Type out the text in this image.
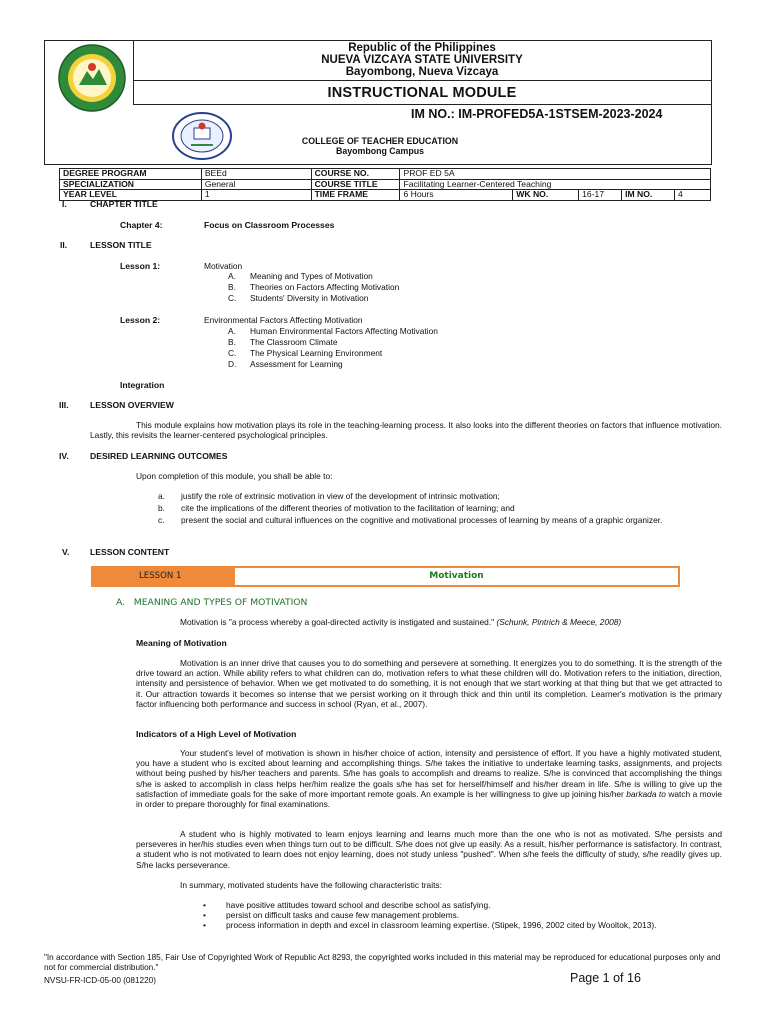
Republic of the Philippines
NUEVA VIZCAYA STATE UNIVERSITY
Bayombong, Nueva Vizcaya
INSTRUCTIONAL MODULE
IM NO.: IM-PROFED5A-1STSEM-2023-2024
COLLEGE OF TEACHER EDUCATION
Bayombong Campus
DEGREE PROGRAM	BEEd	COURSE NO.	PROF ED 5A				
SPECIALIZATION	General	COURSE TITLE	Facilitating Learner-Centered Teaching				
YEAR LEVEL	1	TIME FRAME	6 Hours	WK NO.	16-17	IM NO.	4
I.	CHAPTER TITLE
Chapter 4:	Focus on Classroom Processes
II.	LESSON TITLE
Lesson 1:	Motivation
A. Meaning and Types of Motivation
B. Theories on Factors Affecting Motivation
C. Students' Diversity in Motivation
Lesson 2:	Environmental Factors Affecting Motivation
A. Human Environmental Factors Affecting Motivation
B. The Classroom Climate
C. The Physical Learning Environment
D. Assessment for Learning
Integration
III. LESSON OVERVIEW
This module explains how motivation plays its role in the teaching-learning process. It also looks into the different theories on factors that influence motivation. Lastly, this revisits the learner-centered psychological principles.
IV. DESIRED LEARNING OUTCOMES
Upon completion of this module, you shall be able to:
a. justify the role of extrinsic motivation in view of the development of intrinsic motivation;
b. cite the implications of the different theories of motivation to the facilitation of learning; and
c. present the social and cultural influences on the cognitive and motivational processes of learning by means of a graphic organizer.
V. LESSON CONTENT
LESSON 1	Motivation
A.   MEANING AND TYPES OF MOTIVATION
Motivation is "a process whereby a goal-directed activity is instigated and sustained." (Schunk, Pintrich & Meece, 2008)
Meaning of Motivation
Motivation is an inner drive that causes you to do something and persevere at something. It energizes you to do something. It is the strength of the drive toward an action. While ability refers to what children can do, motivation refers to what these children will do. Motivation refers to the initiation, direction, intensity and persistence of behavior. When we get motivated to do something, it is not enough that we start working at that thing but that we get attracted to it. Our attraction towards it becomes so intense that we persist working on it through thick and thin until its completion. Learner's motivation is the primary factor influencing both performance and success in school (Ryan, et al., 2007).
Indicators of a High Level of Motivation
Your student's level of motivation is shown in his/her choice of action, intensity and persistence of effort. If you have a highly motivated student, you have a student who is excited about learning and accomplishing things. S/he takes the initiative to undertake learning tasks, assignments, and projects without being pushed by his/her teachers and parents. S/he has goals to accomplish and dreams to realize. S/he is convinced that accomplishing the things s/he is asked to accomplish in class helps her/him realize the goals s/he has set for herself/himself and his/her dream in life. S/he is willing to give up the satisfaction of immediate goals for the sake of more important remote goals. An example is her willingness to give up joining his/her barkada to watch a movie in order to prepare thoroughly for final examinations.
A student who is highly motivated to learn enjoys learning and learns much more than the one who is not as motivated. S/he persists and perseveres in her/his studies even when things turn out to be difficult. S/he does not give up easily. As a result, his/her performance is satisfactory. In contrast, a student who is not motivated to learn does not enjoy learning, does not study unless "pushed". When s/he feels the difficulty of study, s/he readily gives up. S/he lacks perseverance.
In summary, motivated students have the following characteristic traits:
• have positive attitudes toward school and describe school as satisfying.
• persist on difficult tasks and cause few management problems.
• process information in depth and excel in classroom learning expertise. (Stipek, 1996, 2002 cited by Wooltok, 2013).
"In accordance with Section 185, Fair Use of Copyrighted Work of Republic Act 8293, the copyrighted works included in this material may be reproduced for educational purposes only and not for commercial distribution."
NVSU-FR-ICD-05-00 (081220)	Page 1 of 16
